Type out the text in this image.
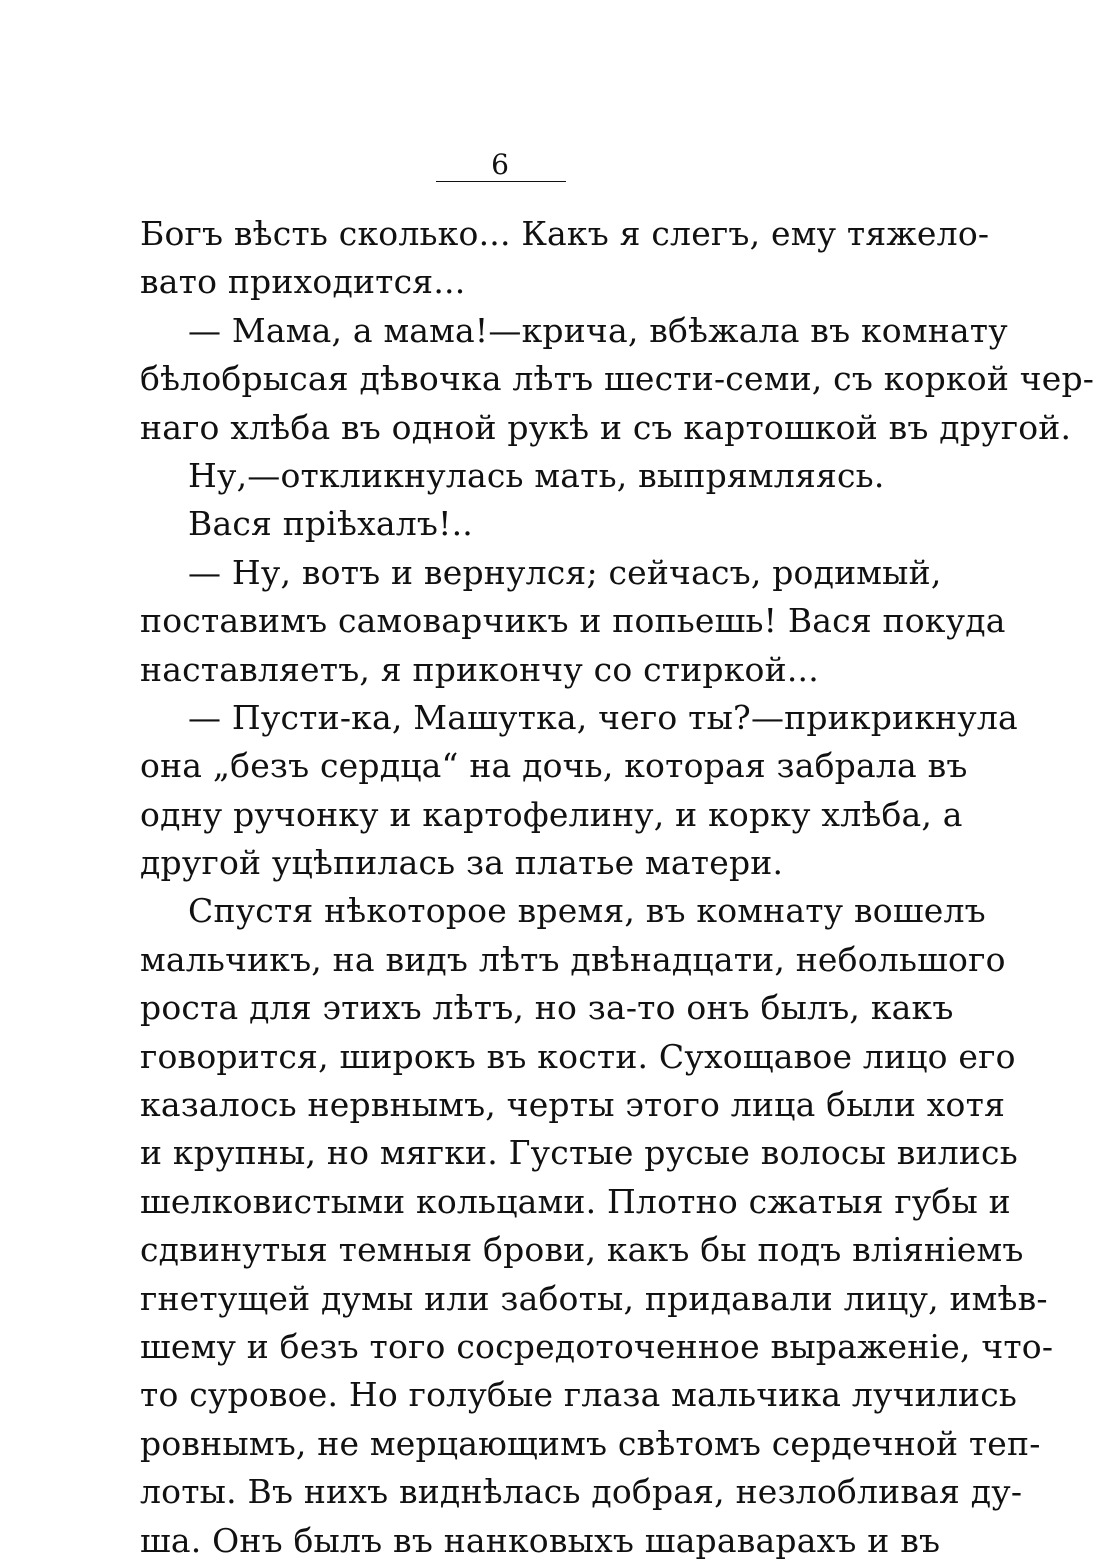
6
Богъ вѣсть сколько... Какъ я слегъ, ему тяжело-
вато приходится...
— Мама, а мама!—крича, вбѣжала въ комнату
бѣлобрысая дѣвочка лѣтъ шести-семи, съ коркой чер-
наго хлѣба въ одной рукѣ и съ картошкой въ другой.
Ну,—откликнулась мать, выпрямляясь.
Вася прiѣхалъ!..
— Ну, вотъ и вернулся; сейчасъ, родимый,
поставимъ самоварчикъ и попьешь! Вася покуда
наставляетъ, я прикончу со стиркой...
— Пусти-ка, Машутка, чего ты?—прикрикнула
она „безъ сердца“ на дочь, которая забрала въ
одну ручонку и картофелину, и корку хлѣба, а
другой уцѣпилась за платье матери.
Спустя нѣкоторое время, въ комнату вошелъ
мальчикъ, на видъ лѣтъ двѣнадцати, небольшого
роста для этихъ лѣтъ, но за-то онъ былъ, какъ
говорится, широкъ въ кости. Сухощавое лицо его
казалось нервнымъ, черты этого лица были хотя
и крупны, но мягки. Густые русые волосы вились
шелковистыми кольцами. Плотно сжатыя губы и
сдвинутыя темныя брови, какъ бы подъ влiянiемъ
гнетущей думы или заботы, придавали лицу, имѣв-
шему и безъ того сосредоточенное выраженiе, что-
то суровое. Но голубые глаза мальчика лучились
ровнымъ, не мерцающимъ свѣтомъ сердечной теп-
лоты. Въ нихъ виднѣлась добрая, незлобливая ду-
ша. Онъ былъ въ нанковыхъ шараварахъ и въ
